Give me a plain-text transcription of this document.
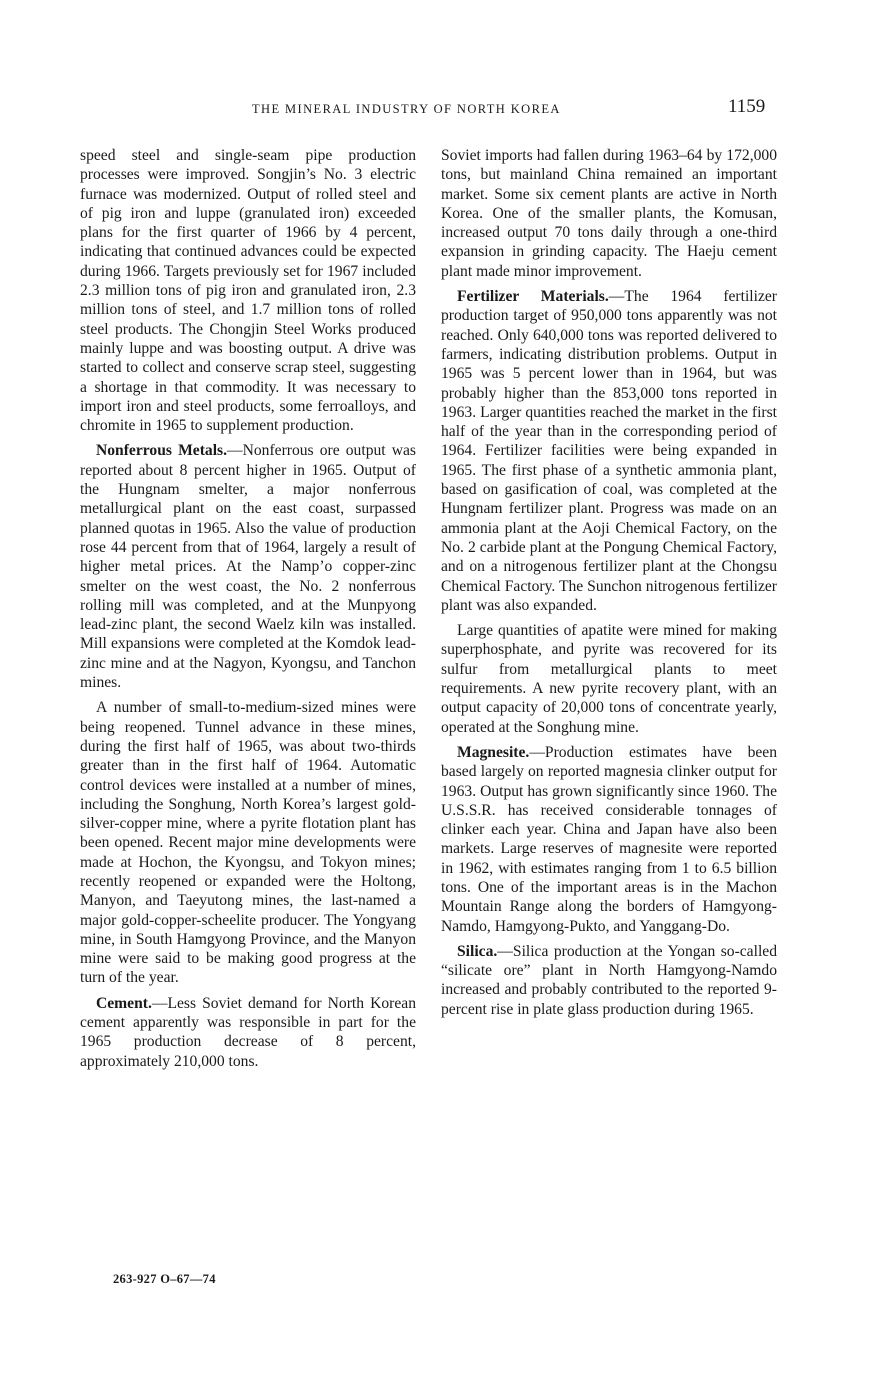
THE MINERAL INDUSTRY OF NORTH KOREA	1159

speed steel and single-seam pipe production processes were improved. Songjin’s No. 3 electric furnace was modernized. Output of rolled steel and of pig iron and luppe (granulated iron) exceeded plans for the first quarter of 1966 by 4 percent, indicating that continued advances could be expected during 1966. Targets previously set for 1967 included 2.3 million tons of pig iron and granulated iron, 2.3 million tons of steel, and 1.7 million tons of rolled steel products. The Chongjin Steel Works produced mainly luppe and was boosting output. A drive was started to collect and conserve scrap steel, suggesting a shortage in that commodity. It was necessary to import iron and steel products, some ferroalloys, and chromite in 1965 to supplement production.

Nonferrous Metals.—Nonferrous ore output was reported about 8 percent higher in 1965. Output of the Hungnam smelter, a major nonferrous metallurgical plant on the east coast, surpassed planned quotas in 1965. Also the value of production rose 44 percent from that of 1964, largely a result of higher metal prices. At the Namp’o copper-zinc smelter on the west coast, the No. 2 nonferrous rolling mill was completed, and at the Munpyong lead-zinc plant, the second Waelz kiln was installed. Mill expansions were completed at the Komdok lead-zinc mine and at the Nagyon, Kyongsu, and Tanchon mines.

A number of small-to-medium-sized mines were being reopened. Tunnel advance in these mines, during the first half of 1965, was about two-thirds greater than in the first half of 1964. Automatic control devices were installed at a number of mines, including the Songhung, North Korea’s largest gold-silver-copper mine, where a pyrite flotation plant has been opened. Recent major mine developments were made at Hochon, the Kyongsu, and Tokyon mines; recently reopened or expanded were the Holtong, Manyon, and Taeyutong mines, the last-named a major gold-copper-scheelite producer. The Yongyang mine, in South Hamgyong Province, and the Manyon mine were said to be making good progress at the turn of the year.

Cement.—Less Soviet demand for North Korean cement apparently was responsible in part for the 1965 production decrease of 8 percent, approximately 210,000 tons.

Soviet imports had fallen during 1963–64 by 172,000 tons, but mainland China remained an important market. Some six cement plants are active in North Korea. One of the smaller plants, the Komusan, increased output 70 tons daily through a one-third expansion in grinding capacity. The Haeju cement plant made minor improvement.

Fertilizer Materials.—The 1964 fertilizer production target of 950,000 tons apparently was not reached. Only 640,000 tons was reported delivered to farmers, indicating distribution problems. Output in 1965 was 5 percent lower than in 1964, but was probably higher than the 853,000 tons reported in 1963. Larger quantities reached the market in the first half of the year than in the corresponding period of 1964. Fertilizer facilities were being expanded in 1965. The first phase of a synthetic ammonia plant, based on gasification of coal, was completed at the Hungnam fertilizer plant. Progress was made on an ammonia plant at the Aoji Chemical Factory, on the No. 2 carbide plant at the Pongung Chemical Factory, and on a nitrogenous fertilizer plant at the Chongsu Chemical Factory. The Sunchon nitrogenous fertilizer plant was also expanded.

Large quantities of apatite were mined for making superphosphate, and pyrite was recovered for its sulfur from metallurgical plants to meet requirements. A new pyrite recovery plant, with an output capacity of 20,000 tons of concentrate yearly, operated at the Songhung mine.

Magnesite.—Production estimates have been based largely on reported magnesia clinker output for 1963. Output has grown significantly since 1960. The U.S.S.R. has received considerable tonnages of clinker each year. China and Japan have also been markets. Large reserves of magnesite were reported in 1962, with estimates ranging from 1 to 6.5 billion tons. One of the important areas is in the Machon Mountain Range along the borders of Hamgyong-Namdo, Hamgyong-Pukto, and Yanggang-Do.

Silica.—Silica production at the Yongan so-called “silicate ore” plant in North Hamgyong-Namdo increased and probably contributed to the reported 9-percent rise in plate glass production during 1965.

263-927 O–67—74
